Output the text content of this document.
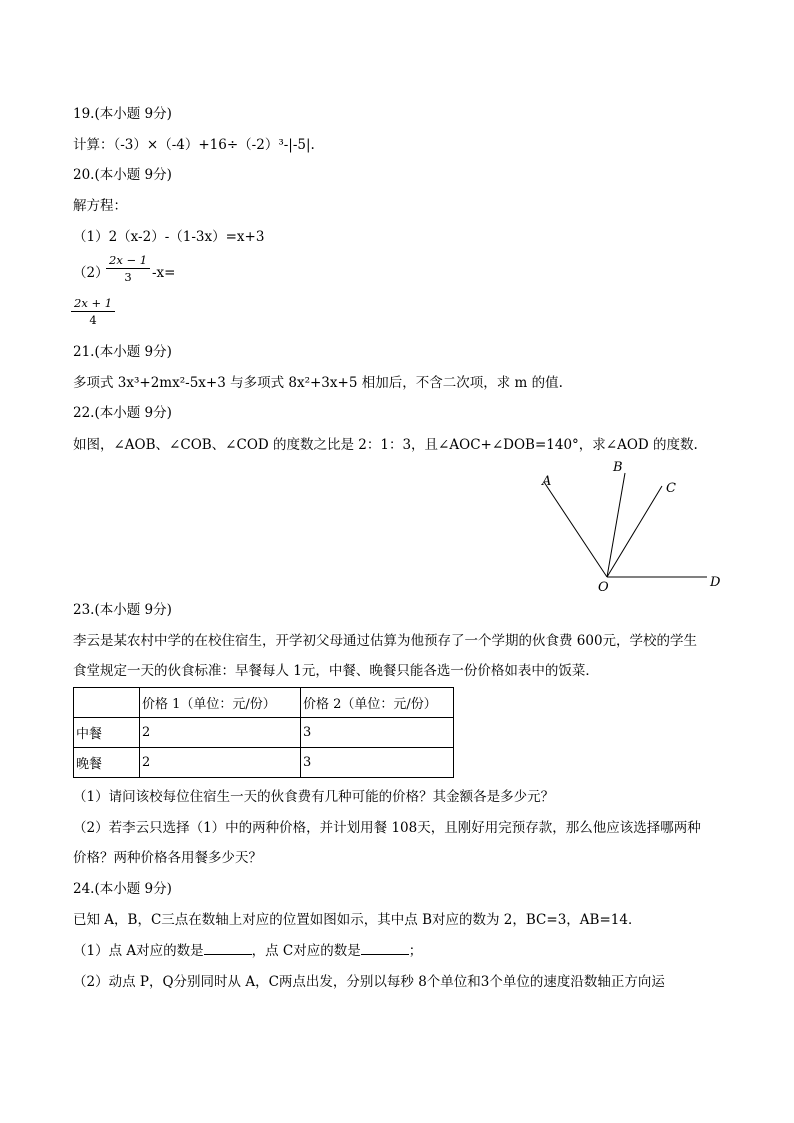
19.(本小题 9分)
计算：（-3）×（-4）+16÷（-2）³-|-5|.
20.(本小题 9分)
解方程：
（1）2（x-2）-（1-3x）=x+3
（2）
2x − 1
3	-x=
2x + 1
4
21.(本小题 9分)
多项式 3x³+2mx²-5x+3 与多项式 8x²+3x+5 相加后，不含二次项，求 m 的值.
22.(本小题 9分)
如图，∠AOB、∠COB、∠COD 的度数之比是 2：1：3，且∠AOC+∠DOB=140°，求∠AOD 的度数.
A
B
C
D
O
23.(本小题 9分)
李云是某农村中学的在校住宿生，开学初父母通过估算为他预存了一个学期的伙食费 600元，学校的学生
食堂规定一天的伙食标准：早餐每人 1元，中餐、晚餐只能各选一份价格如表中的饭菜．
	价格 1（单位：元/份）	价格 2（单位：元/份）
中餐	2	3
晚餐	2	3
（1）请问该校每位住宿生一天的伙食费有几种可能的价格？其金额各是多少元？
（2）若李云只选择（1）中的两种价格，并计划用餐 108天，且刚好用完预存款，那么他应该选择哪两种
价格？两种价格各用餐多少天？
24.(本小题 9分)
已知 A，B，C三点在数轴上对应的位置如图如示，其中点 B对应的数为 2，BC=3，AB=14．
（1）点 A对应的数是	，点 C对应的数是	；
（2）动点 P，Q分别同时从 A，C两点出发，分别以每秒 8个单位和3个单位的速度沿数轴正方向运
